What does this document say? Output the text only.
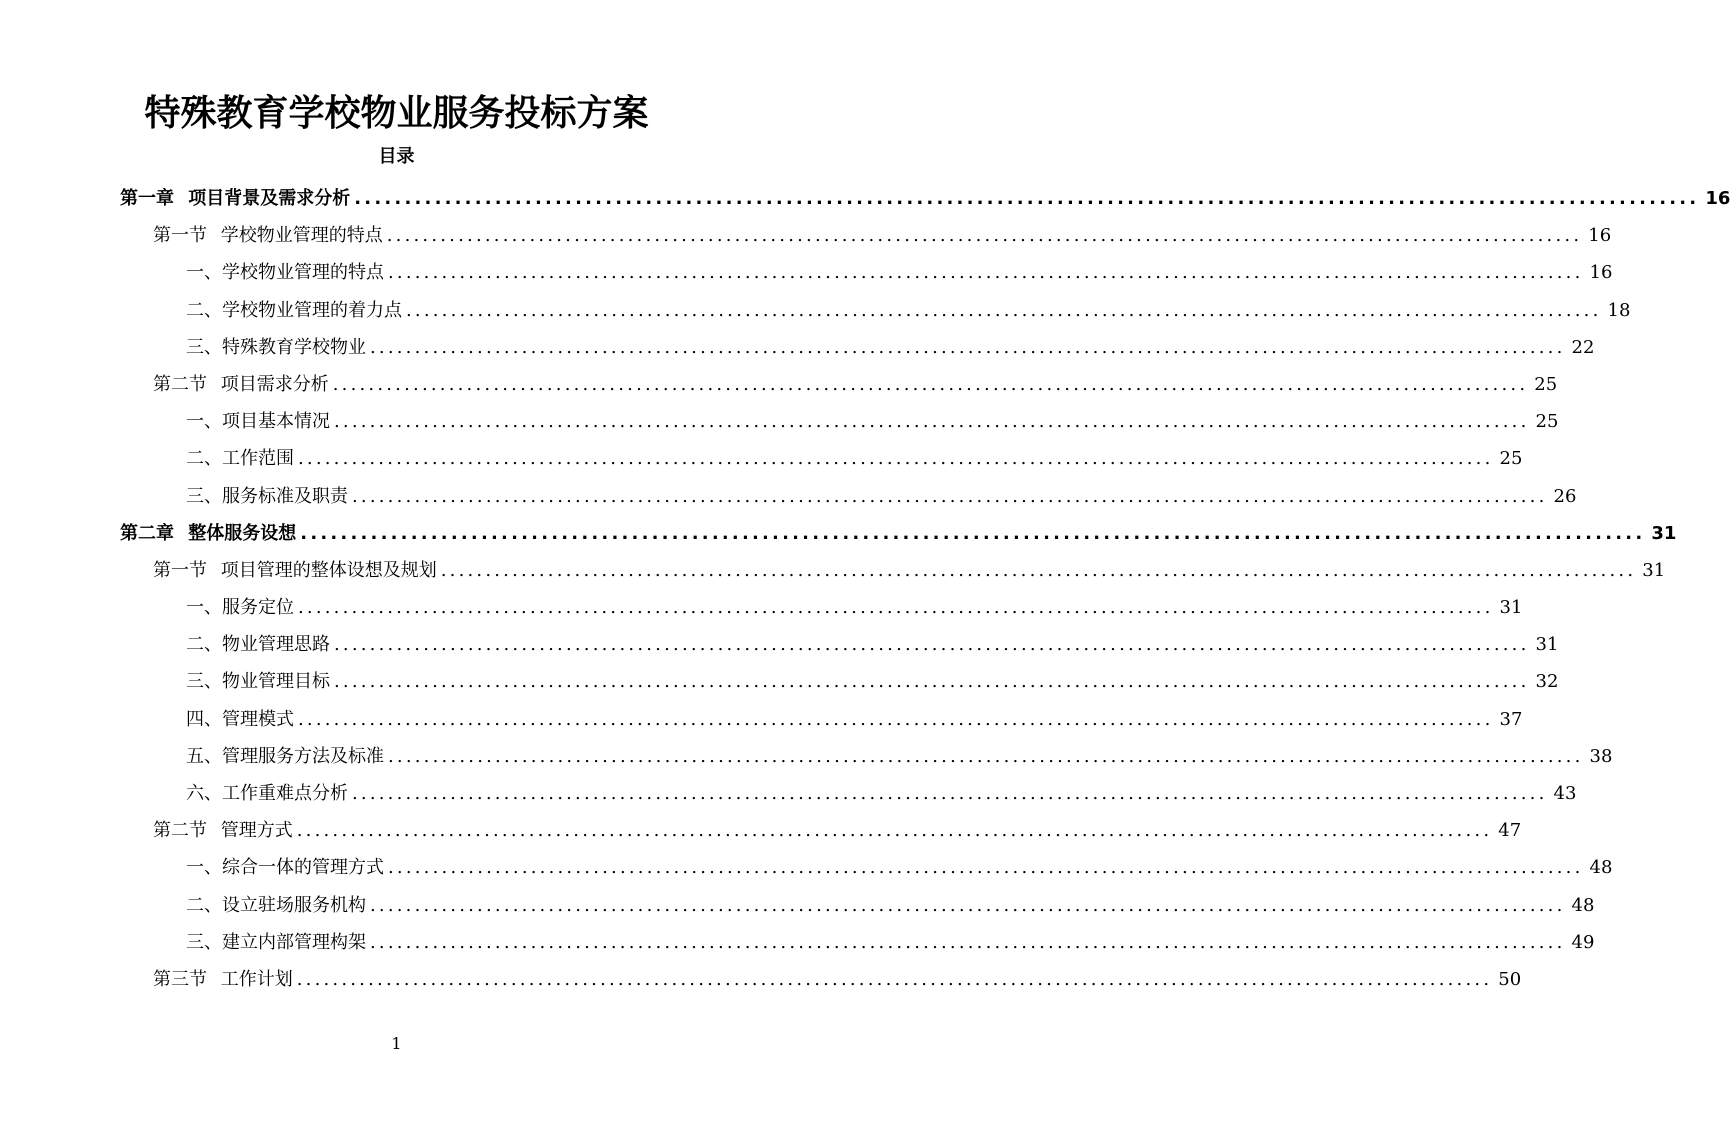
特殊教育学校物业服务投标方案
目录
第一章 项目背景及需求分析 ...................................................................................................................................... 16
第一节 学校物业管理的特点 ...................................................................................................................................... 16
一、学校物业管理的特点 ...................................................................................................................................... 16
二、学校物业管理的着力点 ...................................................................................................................................... 18
三、特殊教育学校物业 ...................................................................................................................................... 22
第二节 项目需求分析 ...................................................................................................................................... 25
一、项目基本情况 ...................................................................................................................................... 25
二、工作范围 ...................................................................................................................................... 25
三、服务标准及职责 ...................................................................................................................................... 26
第二章 整体服务设想 ...................................................................................................................................... 31
第一节 项目管理的整体设想及规划 ...................................................................................................................................... 31
一、服务定位 ...................................................................................................................................... 31
二、物业管理思路 ...................................................................................................................................... 31
三、物业管理目标 ...................................................................................................................................... 32
四、管理模式 ...................................................................................................................................... 37
五、管理服务方法及标准 ...................................................................................................................................... 38
六、工作重难点分析 ...................................................................................................................................... 43
第二节 管理方式 ...................................................................................................................................... 47
一、综合一体的管理方式 ...................................................................................................................................... 48
二、设立驻场服务机构 ...................................................................................................................................... 48
三、建立内部管理构架 ...................................................................................................................................... 49
第三节 工作计划 ...................................................................................................................................... 50
1
